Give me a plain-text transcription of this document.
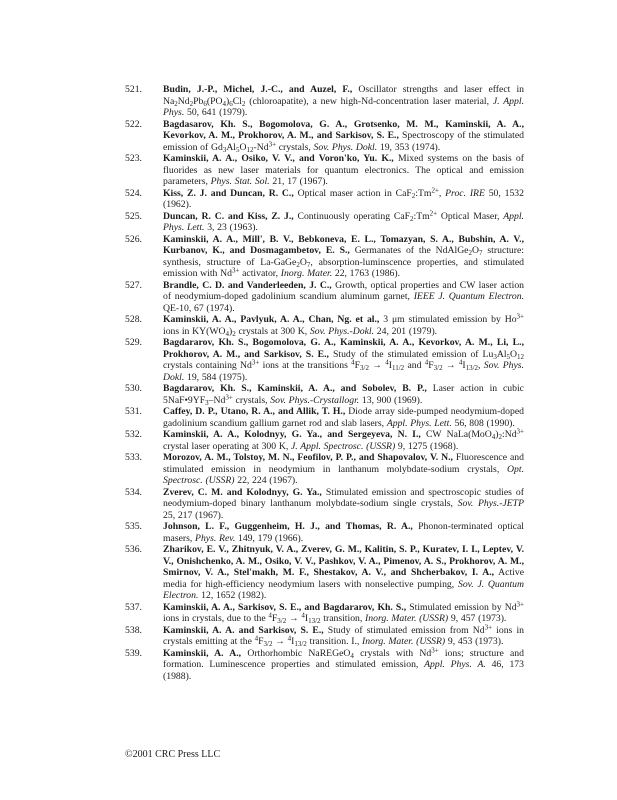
521. Budin, J.-P., Michel, J.-C., and Auzel, F., Oscillator strengths and laser effect in $Na_2Nd_2Pb_6(PO_4)_6Cl_2$ (chloroapatite), a new high-Nd-concentration laser material, J. Appl. Phys. 50, 641 (1979).
522. Bagdasarov, Kh. S., Bogomolova, G. A., Grotsenko, M. M., Kaminskii, A. A., Kevorkov, A. M., Prokhorov, A. M., and Sarkisov, S. E., Spectroscopy of the stimulated emission of $Gd_3Al_5O_{12}-Nd^{3+}$ crystals, Sov. Phys. Dokl. 19, 353 (1974).
523. Kaminskii, A. A., Osiko, V. V., and Voron'ko, Yu. K., Mixed systems on the basis of fluorides as new laser materials for quantum electronics. The optical and emission parameters, Phys. Stat. Sol. 21, 17 (1967).
524. Kiss, Z. J. and Duncan, R. C., Optical maser action in $CaF_2:Tm^{2+}$, Proc. IRE 50, 1532 (1962).
525. Duncan, R. C. and Kiss, Z. J., Continuously operating $CaF_2:Tm^{2+}$ Optical Maser, Appl. Phys. Lett. 3, 23 (1963).
526. Kaminskii, A. A., Mill', B. V., Bebkoneva, E. L., Tomazyan, S. A., Bubshin, A. V., Kurbanov, K., and Dosmagambetov, E. S., Germanates of the $NdAlGe_2O_7$ structure: synthesis, structure of $La-GaGe_2O_7$, absorption-luminscence properties, and stimulated emission with $Nd^{3+}$ activator, Inorg. Mater. 22, 1763 (1986).
527. Brandle, C. D. and Vanderleeden, J. C., Growth, optical properties and CW laser action of neodymium-doped gadolinium scandium aluminum garnet, IEEE J. Quantum Electron. QE-10, 67 (1974).
528. Kaminskii, A. A., Pavlyuk, A. A., Chan, Ng. et al., 3 μm stimulated emission by $Ho^{3+}$ ions in $KY(WO_4)_2$ crystals at 300 K, Sov. Phys.-Dokl. 24, 201 (1979).
529. Bagdararov, Kh. S., Bogomolova, G. A., Kaminskii, A. A., Kevorkov, A. M., Li, L., Prokhorov, A. M., and Sarkisov, S. E., Study of the stimulated emission of $Lu_3Al_5O_{12}$ crystals containing $Nd^{3+}$ ions at the transitions $^4F_{3/2} \to ^4I_{11/2}$ and $^4F_{3/2} \to ^4I_{13/2}$, Sov. Phys. Dokl. 19, 584 (1975).
530. Bagdararov, Kh. S., Kaminskii, A. A., and Sobolev, B. P., Laser action in cubic $5NaF•9YF_3-Nd^{3+}$ crystals, Sov. Phys.-Crystallogr. 13, 900 (1969).
531. Caffey, D. P., Utano, R. A., and Allik, T. H., Diode array side-pumped neodymium-doped gadolinium scandium gallium garnet rod and slab lasers, Appl. Phys. Lett. 56, 808 (1990).
532. Kaminskii, A. A., Kolodnyy, G. Ya., and Sergeyeva, N. I., CW $NaLa(MoO_4)_2:Nd^{3+}$ crystal laser operating at 300 K, J. Appl. Spectrosc. (USSR) 9, 1275 (1968).
533. Morozov, A. M., Tolstoy, M. N., Feofilov, P. P., and Shapovalov, V. N., Fluorescence and stimulated emission in neodymium in lanthanum molybdate-sodium crystals, Opt. Spectrosc. (USSR) 22, 224 (1967).
534. Zverev, C. M. and Kolodnyy, G. Ya., Stimulated emission and spectroscopic studies of neodymium-doped binary lanthanum molybdate-sodium single crystals, Sov. Phys.-JETP 25, 217 (1967).
535. Johnson, L. F., Guggenheim, H. J., and Thomas, R. A., Phonon-terminated optical masers, Phys. Rev. 149, 179 (1966).
536. Zharikov, E. V., Zhitnyuk, V. A., Zverev, G. M., Kalitin, S. P., Kuratev, I. I., Leptev, V. V., Onishchenko, A. M., Osiko, V. V., Pashkov, V. A., Pimenov, A. S., Prokhorov, A. M., Smirnov, V. A., Stel'makh, M. F., Shestakov, A. V., and Shcherbakov, I. A., Active media for high-efficiency neodymium lasers with nonselective pumping, Sov. J. Quantum Electron. 12, 1652 (1982).
537. Kaminskii, A. A., Sarkisov, S. E., and Bagdararov, Kh. S., Stimulated emission by $Nd^{3+}$ ions in crystals, due to the $^4F_{3/2} \to ^4I_{13/2}$ transition, Inorg. Mater. (USSR) 9, 457 (1973).
538. Kaminskii, A. A. and Sarkisov, S. E., Study of stimulated emission from $Nd^{3+}$ ions in crystals emitting at the $^4F_{3/2} \to ^4I_{13/2}$ transition. I., Inorg. Mater. (USSR) 9, 453 (1973).
539. Kaminskii, A. A., Orthorhombic NaREGeO$_4$ crystals with $Nd^{3+}$ ions; structure and formation. Luminescence properties and stimulated emission, Appl. Phys. A. 46, 173 (1988).
©2001 CRC Press LLC
